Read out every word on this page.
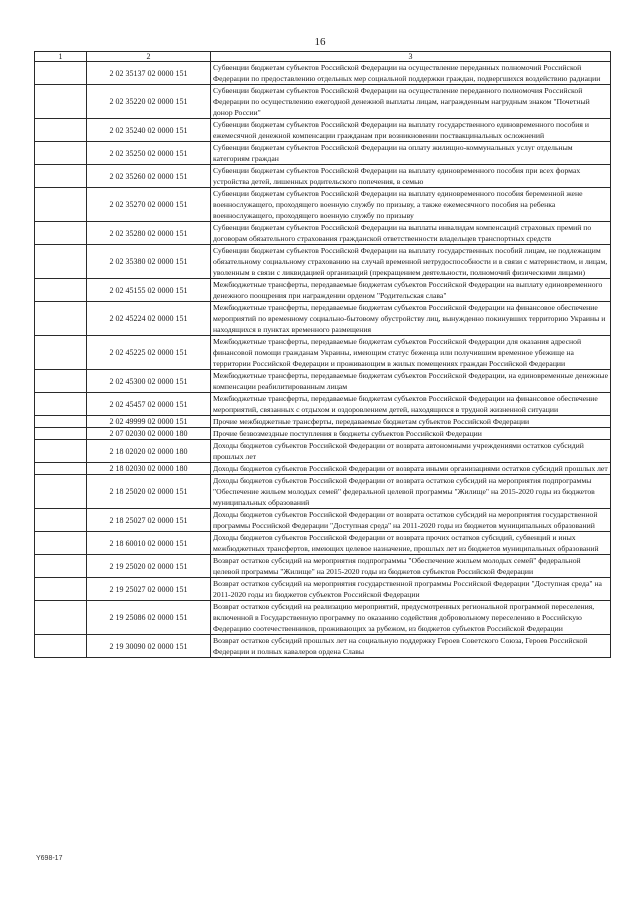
16
1	2	3
	2 02 35137 02 0000 151	Субвенции бюджетам субъектов Российской Федерации на осуществление переданных полномочий Российской Федерации по предоставлению отдельных мер социальной поддержки граждан, подвергшихся воздействию радиации
	2 02 35220 02 0000 151	Субвенции бюджетам субъектов Российской Федерации на осуществление переданного полномочия Российской Федерации по осуществлению ежегодной денежной выплаты лицам, награжденным нагрудным знаком "Почетный донор России"
	2 02 35240 02 0000 151	Субвенции бюджетам субъектов Российской Федерации на выплату государственного единовременного пособия и ежемесячной денежной компенсации гражданам при возникновении поствакцинальных осложнений
	2 02 35250 02 0000 151	Субвенции бюджетам субъектов Российской Федерации на оплату жилищно-коммунальных услуг отдельным категориям граждан
	2 02 35260 02 0000 151	Субвенции бюджетам субъектов Российской Федерации на выплату единовременного пособия при всех формах устройства детей, лишенных родительского попечения, в семью
	2 02 35270 02 0000 151	Субвенции бюджетам субъектов Российской Федерации на выплату единовременного пособия беременной жене военнослужащего, проходящего военную службу по призыву, а также ежемесячного пособия на ребенка военнослужащего, проходящего военную службу по призыву
	2 02 35280 02 0000 151	Субвенции бюджетам субъектов Российской Федерации на выплаты инвалидам компенсаций страховых премий по договорам обязательного страхования гражданской ответственности владельцев транспортных средств
	2 02 35380 02 0000 151	Субвенции бюджетам субъектов Российской Федерации на выплату государственных пособий лицам, не подлежащим обязательному социальному страхованию на случай временной нетрудоспособности и в связи с материнством, и лицам, уволенным в связи с ликвидацией организаций (прекращением деятельности, полномочий физическими лицами)
	2 02 45155 02 0000 151	Межбюджетные трансферты, передаваемые бюджетам субъектов Российской Федерации на выплату единовременного денежного поощрения при награждении орденом "Родительская слава"
	2 02 45224 02 0000 151	Межбюджетные трансферты, передаваемые бюджетам субъектов Российской Федерации на финансовое обеспечение мероприятий по временному социально-бытовому обустройству лиц, вынужденно покинувших территорию Украины и находящихся в пунктах временного размещения
	2 02 45225 02 0000 151	Межбюджетные трансферты, передаваемые бюджетам субъектов Российской Федерации для оказания адресной финансовой помощи гражданам Украины, имеющим статус беженца или получившим временное убежище на территории Российской Федерации и проживающим в жилых помещениях граждан Российской Федерации
	2 02 45300 02 0000 151	Межбюджетные трансферты, передаваемые бюджетам субъектов Российской Федерации, на единовременные денежные компенсации реабилитированным лицам
	2 02 45457 02 0000 151	Межбюджетные трансферты, передаваемые бюджетам субъектов Российской Федерации на финансовое обеспечение мероприятий, связанных с отдыхом и оздоровлением детей, находящихся в трудной жизненной ситуации
	2 02 49999 02 0000 151	Прочие межбюджетные трансферты, передаваемые бюджетам субъектов Российской Федерации
	2 07 02030 02 0000 180	Прочие безвозмездные поступления в бюджеты субъектов Российской Федерации
	2 18 02020 02 0000 180	Доходы бюджетов субъектов Российской Федерации от возврата автономными учреждениями остатков субсидий прошлых лет
	2 18 02030 02 0000 180	Доходы бюджетов субъектов Российской Федерации от возврата иными организациями остатков субсидий прошлых лет
	2 18 25020 02 0000 151	Доходы бюджетов субъектов Российской Федерации от возврата остатков субсидий на мероприятия подпрограммы "Обеспечение жильем молодых семей" федеральной целевой программы "Жилище" на 2015-2020 годы из бюджетов муниципальных образований
	2 18 25027 02 0000 151	Доходы бюджетов субъектов Российской Федерации от возврата остатков субсидий на мероприятия государственной программы Российской Федерации "Доступная среда" на 2011-2020 годы из бюджетов муниципальных образований
	2 18 60010 02 0000 151	Доходы бюджетов субъектов Российской Федерации от возврата прочих остатков субсидий, субвенций и иных межбюджетных трансфертов, имеющих целевое назначение, прошлых лет из бюджетов муниципальных образований
	2 19 25020 02 0000 151	Возврат остатков субсидий на мероприятия подпрограммы "Обеспечение жильем молодых семей" федеральной целевой программы "Жилище" на 2015-2020 годы из бюджетов субъектов Российской Федерации
	2 19 25027 02 0000 151	Возврат остатков субсидий на мероприятия государственной программы Российской Федерации "Доступная среда" на 2011-2020 годы из бюджетов субъектов Российской Федерации
	2 19 25086 02 0000 151	Возврат остатков субсидий на реализацию мероприятий, предусмотренных региональной программой переселения, включенной в Государственную программу по оказанию содействия добровольному переселению в Российскую Федерацию соотечественников, проживающих за рубежом, из бюджетов субъектов Российской Федерации
	2 19 30090 02 0000 151	Возврат остатков субсидий прошлых лет на социальную поддержку Героев Советского Союза, Героев Российской Федерации и полных кавалеров ордена Славы
Y698-17
